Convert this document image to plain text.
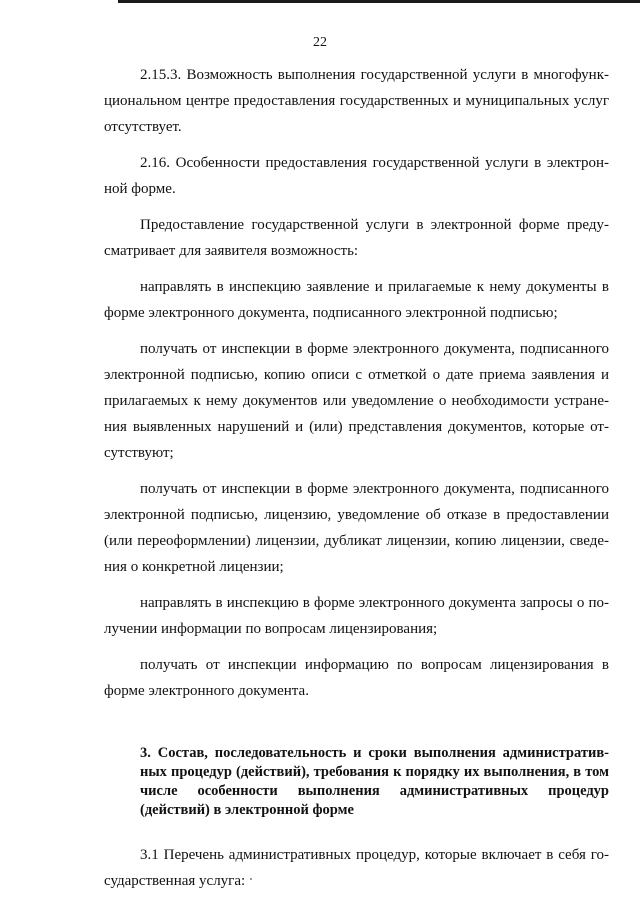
22

2.15.3. Возможность выполнения государственной услуги в многофунк-циональном центре предоставления государственных и муниципальных услуг отсутствует.

2.16. Особенности предоставления государственной услуги в электрон-ной форме.

Предоставление государственной услуги в электронной форме преду-сматривает для заявителя возможность:

направлять в инспекцию заявление и прилагаемые к нему документы в форме электронного документа, подписанного электронной подписью;

получать от инспекции в форме электронного документа, подписанного электронной подписью, копию описи с отметкой о дате приема заявления и прилагаемых к нему документов или уведомление о необходимости устране-ния выявленных нарушений и (или) представления документов, которые от-сутствуют;

получать от инспекции в форме электронного документа, подписанного электронной подписью, лицензию, уведомление об отказе в предоставлении (или переоформлении) лицензии, дубликат лицензии, копию лицензии, сведе-ния о конкретной лицензии;

направлять в инспекцию в форме электронного документа запросы о по-лучении информации по вопросам лицензирования;

получать от инспекции информацию по вопросам лицензирования в форме электронного документа.

3. Состав, последовательность и сроки выполнения административ-ных процедур (действий), требования к порядку их выполнения, в том числе особенности выполнения административных процедур (действий) в электронной форме

3.1 Перечень административных процедур, которые включает в себя го-сударственная услуга:
